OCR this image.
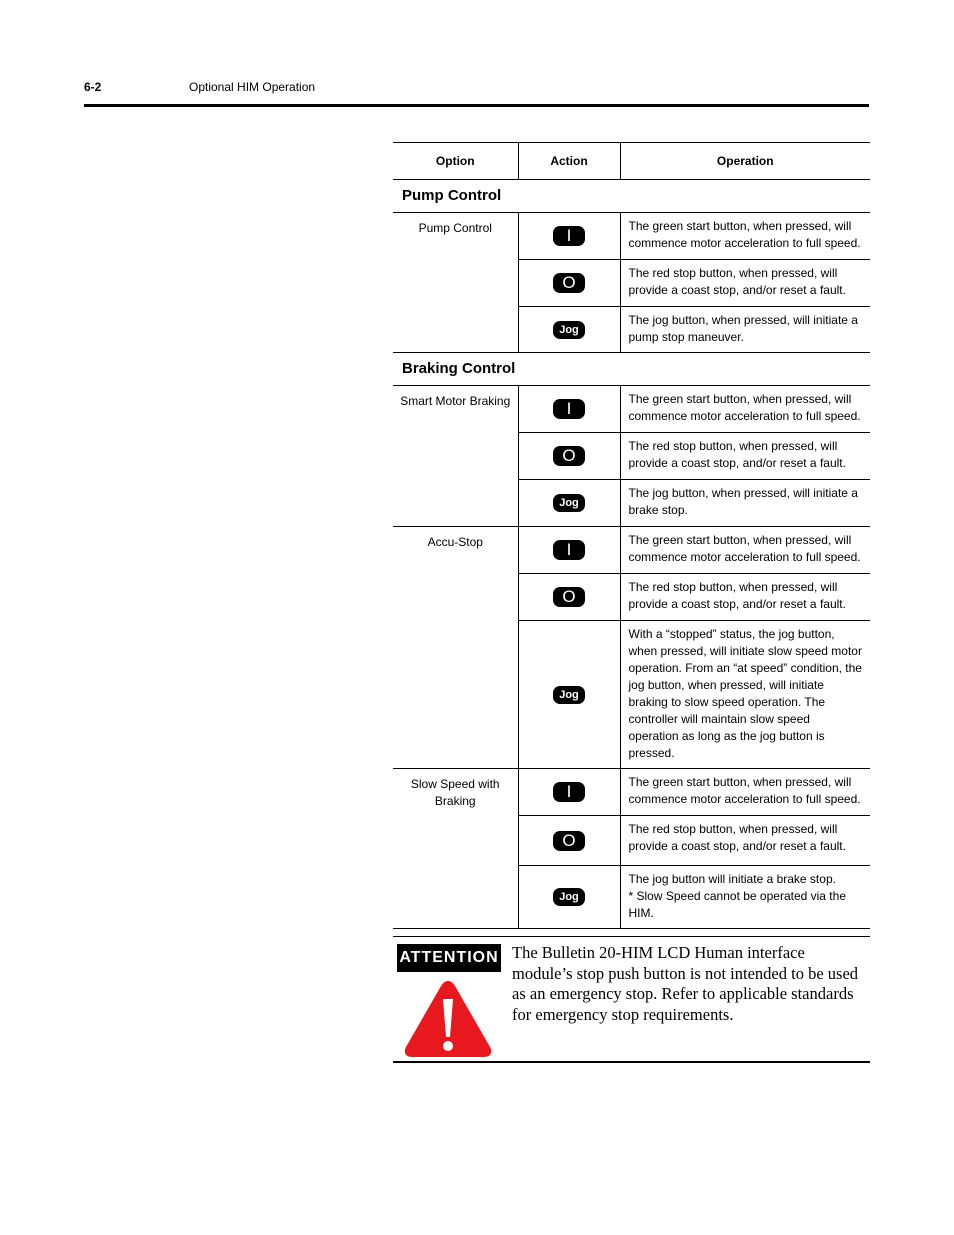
6-2	Optional HIM Operation
Option	Action	Operation
Pump Control		
Pump Control	I	The green start button, when pressed, will commence motor acceleration to full speed.
	O	The red stop button, when pressed, will provide a coast stop, and/or reset a fault.
	Jog	The jog button, when pressed, will initiate a pump stop maneuver.
Braking Control		
Smart Motor Braking	I	The green start button, when pressed, will commence motor acceleration to full speed.
	O	The red stop button, when pressed, will provide a coast stop, and/or reset a fault.
	Jog	The jog button, when pressed, will initiate a brake stop.
Accu-Stop	I	The green start button, when pressed, will commence motor acceleration to full speed.
	O	The red stop button, when pressed, will provide a coast stop, and/or reset a fault.
	Jog	With a “stopped” status, the jog button, when pressed, will initiate slow speed motor operation. From an “at speed” condition, the jog button, when pressed, will initiate braking to slow speed operation. The controller will maintain slow speed operation as long as the jog button is pressed.
Slow Speed with Braking	I	The green start button, when pressed, will commence motor acceleration to full speed.
	O	The red stop button, when pressed, will provide a coast stop, and/or reset a fault.
	Jog	The jog button will initiate a brake stop.
* Slow Speed cannot be operated via the HIM.
ATTENTION The Bulletin 20-HIM LCD Human interface module’s stop push button is not intended to be used as an emergency stop. Refer to applicable standards for emergency stop requirements.
